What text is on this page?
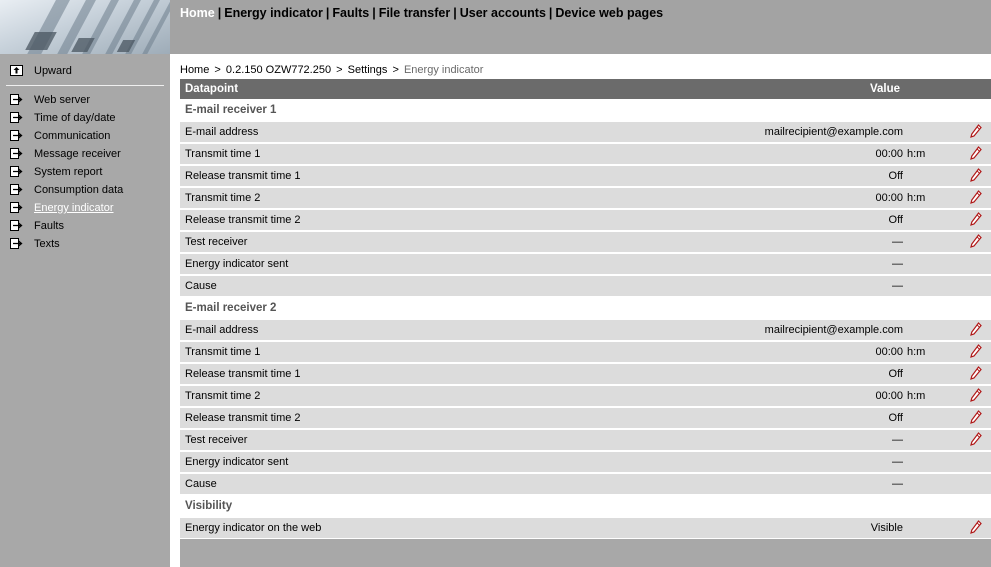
Home | Energy indicator | Faults | File transfer | User accounts | Device web pages
Upward
Web server
Time of day/date
Communication
Message receiver
System report
Consumption data
Energy indicator
Faults
Texts
Home > 0.2.150 OZW772.250 > Settings > Energy indicator
Datapoint	Value
E-mail receiver 1
E-mail address	mailrecipient@example.com
Transmit time 1	00:00 h:m
Release transmit time 1	Off
Transmit time 2	00:00 h:m
Release transmit time 2	Off
Test receiver	—
Energy indicator sent	—
Cause	—
E-mail receiver 2
E-mail address	mailrecipient@example.com
Transmit time 1	00:00 h:m
Release transmit time 1	Off
Transmit time 2	00:00 h:m
Release transmit time 2	Off
Test receiver	—
Energy indicator sent	—
Cause	—
Visibility
Energy indicator on the web	Visible
